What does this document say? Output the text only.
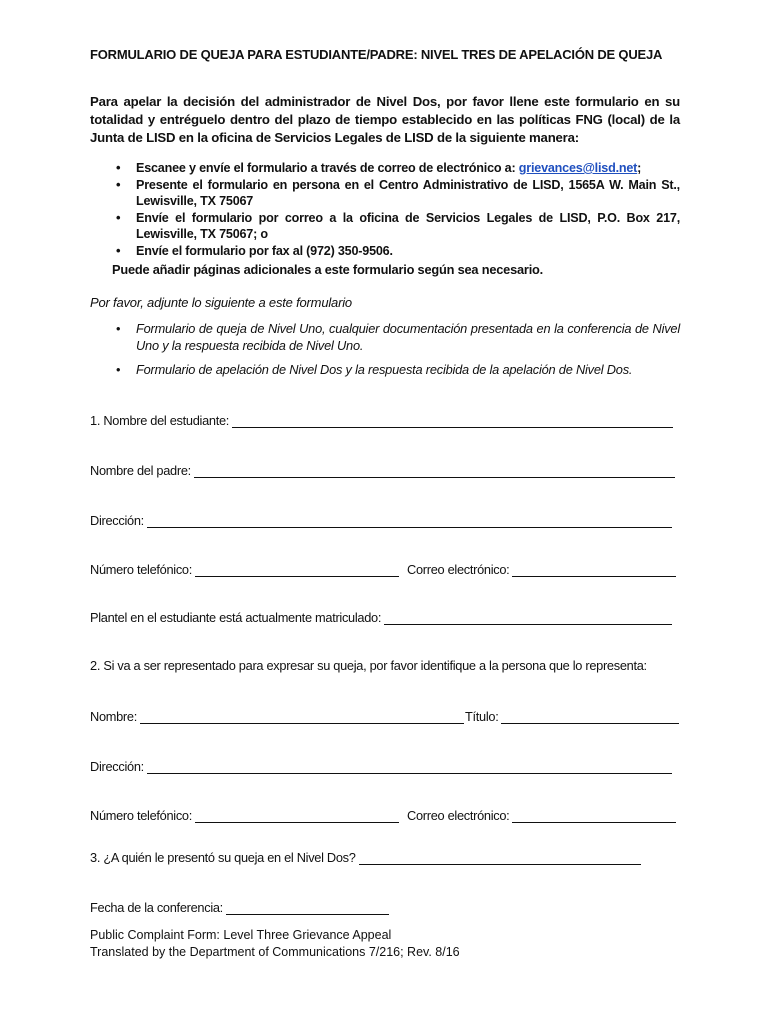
FORMULARIO DE QUEJA PARA ESTUDIANTE/PADRE: NIVEL TRES DE APELACIÓN DE QUEJA
Para apelar la decisión del administrador de Nivel Dos, por favor llene este formulario en su totalidad y entréguelo dentro del plazo de tiempo establecido en las políticas FNG (local) de la Junta de LISD en la oficina de Servicios Legales de LISD de la siguiente manera:
• Escanee y envíe el formulario a través de correo de electrónico a: grievances@lisd.net;
• Presente el formulario en persona en el Centro Administrativo de LISD, 1565A W. Main St., Lewisville, TX 75067
• Envíe el formulario por correo a la oficina de Servicios Legales de LISD, P.O. Box 217, Lewisville, TX 75067; o
• Envíe el formulario por fax al (972) 350-9506.
Puede añadir páginas adicionales a este formulario según sea necesario.
Por favor, adjunte lo siguiente a este formulario
• Formulario de queja de Nivel Uno, cualquier documentación presentada en la conferencia de Nivel Uno y la respuesta recibida de Nivel Uno.
• Formulario de apelación de Nivel Dos y la respuesta recibida de la apelación de Nivel Dos.
1. Nombre del estudiante:
Nombre del padre:
Dirección:
Número telefónico:	Correo electrónico:
Plantel en el estudiante está actualmente matriculado:
2. Si va a ser representado para expresar su queja, por favor identifique a la persona que lo representa:
Nombre:	Título:
Dirección:
Número telefónico:	Correo electrónico:
3. ¿A quién le presentó su queja en el Nivel Dos?
Fecha de la conferencia:
Public Complaint Form: Level Three Grievance Appeal
Translated by the Department of Communications 7/216; Rev. 8/16
